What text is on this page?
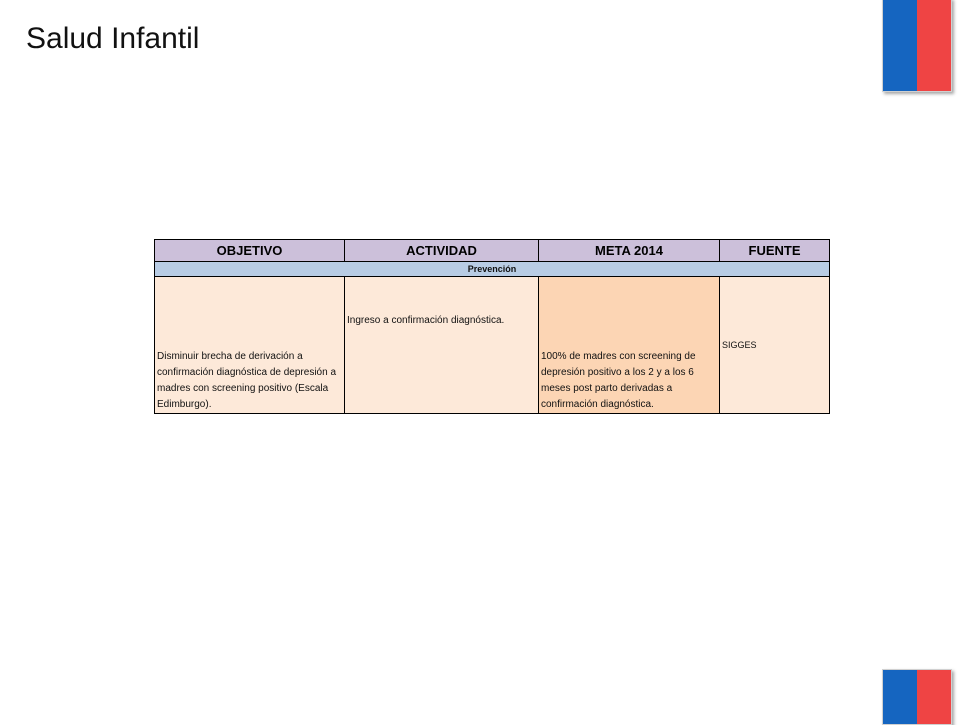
Salud Infantil
OBJETIVO	ACTIVIDAD	META 2014	FUENTE
Prevención			
Disminuir brecha de derivación a confirmación diagnóstica de depresión a madres con screening positivo (Escala Edimburgo).	Ingreso a confirmación diagnóstica.	100% de madres con screening de depresión positivo a los 2 y a los 6 meses post parto derivadas a confirmación diagnóstica.	SIGGES
